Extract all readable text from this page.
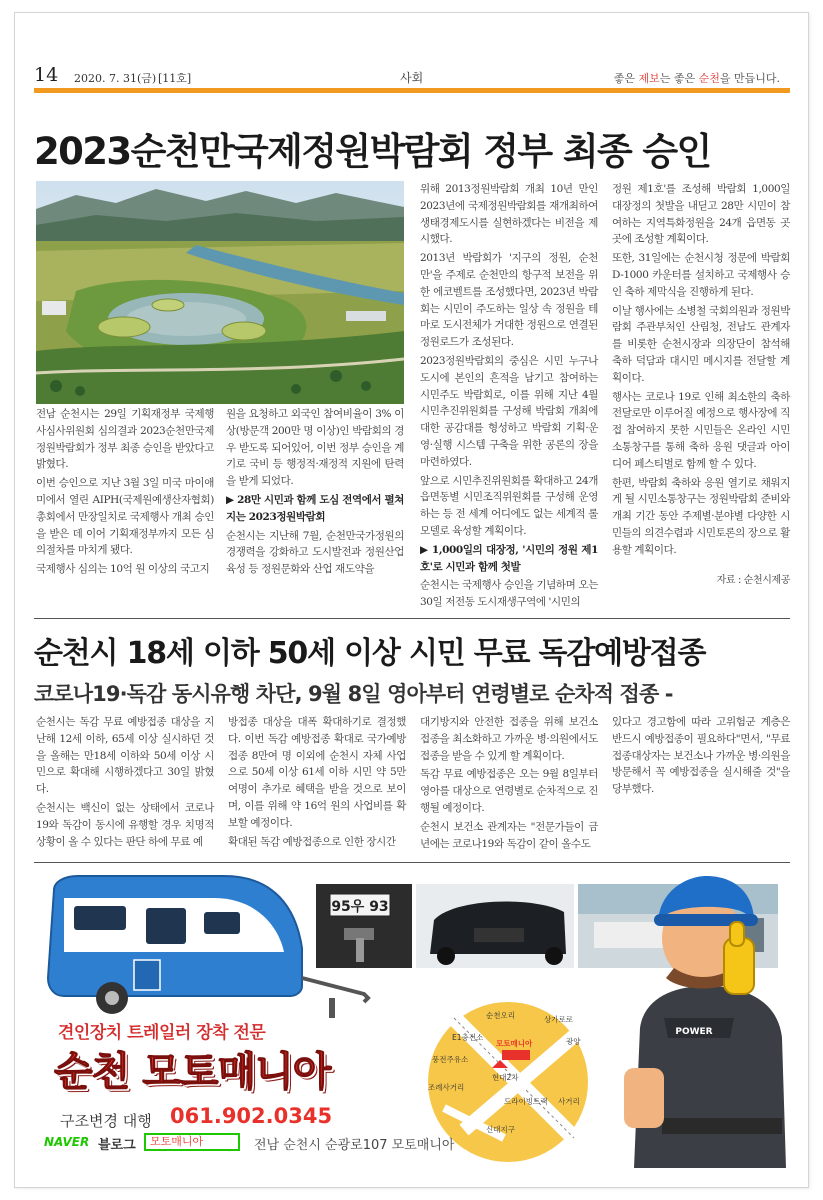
14 2020. 7. 31(금) [11호]	사회	좋은 제보는 좋은 순천을 만듭니다.
2023순천만국제정원박람회 정부 최종 승인

전남 순천시는 29일 기획재정부 국제행사심사위원회 심의결과 2023순천만국제정원박람회가 정부 최종 승인을 받았다고 밝혔다.

이번 승인으로 지난 3월 3일 미국 마이애미에서 열린 AIPH(국제원예생산자협회) 총회에서 만장일치로 국제행사 개최 승인을 받은 데 이어 기획재정부까지 모든 심의절차를 마치게 됐다.

국제행사 심의는 10억 원 이상의 국고지

원을 요청하고 외국인 참여비율이 3% 이상(방문객 200만 명 이상)인 박람회의 경우 받도록 되어있어, 이번 정부 승인을 계기로 국비 등 행정적·재정적 지원에 탄력을 받게 되었다.

▶ 28만 시민과 함께 도심 전역에서 펼쳐지는 2023정원박람회

순천시는 지난해 7월, 순천만국가정원의 경쟁력을 강화하고 도시발전과 정원산업 육성 등 정원문화와 산업 재도약을

위해 2013정원박람회 개최 10년 만인 2023년에 국제정원박람회를 재개최하여 생태경제도시를 실현하겠다는 비전을 제시했다.

2013년 박람회가 '지구의 정원, 순천만'을 주제로 순천만의 항구적 보전을 위한 에코벨트를 조성했다면, 2023년 박람회는 시민이 주도하는 일상 속 정원을 테마로 도시전체가 거대한 정원으로 연결된 정원로드가 조성된다.

2023정원박람회의 중심은 시민 누구나 도시에 본인의 흔적을 남기고 참여하는 시민주도 박람회로, 이를 위해 지난 4월 시민추진위원회를 구성해 박람회 개최에 대한 공감대를 형성하고 박람회 기획·운영·실행 시스템 구축을 위한 공론의 장을 마련하였다.

앞으로 시민추진위원회를 확대하고 24개 읍면동별 시민조직위원회를 구성해 운영하는 등 전 세계 어디에도 없는 세계적 롤모델로 육성할 계획이다.

▶ 1,000일의 대장정, '시민의 정원 제1호'로 시민과 함께 첫발

순천시는 국제행사 승인을 기념하며 오는 30일 저전동 도시재생구역에 '시민의

정원 제1호'를 조성해 박람회 1,000일 대장정의 첫발을 내딛고 28만 시민이 참여하는 지역특화정원을 24개 읍면동 곳곳에 조성할 계획이다.

또한, 31일에는 순천시청 정문에 박람회 D-1000 카운터를 설치하고 국제행사 승인 축하 제막식을 진행하게 된다.

이날 행사에는 소병철 국회의원과 정원박람회 주관부처인 산림청, 전남도 관계자를 비롯한 순천시장과 의장단이 참석해 축하 덕담과 대시민 메시지를 전달할 계획이다.

행사는 코로나 19로 인해 최소한의 축하 전달로만 이루어질 예정으로 행사장에 직접 참여하지 못한 시민들은 온라인 시민소통창구를 통해 축하 응원 댓글과 아이디어 페스티벌로 함께 할 수 있다.

한편, 박람회 축하와 응원 열기로 채워지게 될 시민소통창구는 정원박람회 준비와 개최 기간 동안 주제별·분야별 다양한 시민들의 의견수렴과 시민토론의 장으로 활용할 계획이다.

자료 : 순천시제공

순천시 18세 이하 50세 이상 시민 무료 독감예방접종
코로나19·독감 동시유행 차단, 9월 8일 영아부터 연령별로 순차적 접종 -

순천시는 독감 무료 예방접종 대상을 지난해 12세 이하, 65세 이상 실시하던 것을 올해는 만18세 이하와 50세 이상 시민으로 확대해 시행하겠다고 30일 밝혔다.

순천시는 백신이 없는 상태에서 코로나19와 독감이 동시에 유행할 경우 치명적 상황이 올 수 있다는 판단 하에 무료 예

방접종 대상을 대폭 확대하기로 결정했다. 이번 독감 예방접종 확대로 국가예방접종 8만여 명 이외에 순천시 자체 사업으로 50세 이상 61세 이하 시민 약 5만 여명이 추가로 혜택을 받을 것으로 보이며, 이를 위해 약 16억 원의 사업비를 확보할 예정이다.

확대된 독감 예방접종으로 인한 장시간

대기방지와 안전한 접종을 위해 보건소 접종을 최소화하고 가까운 병·의원에서도 접종을 받을 수 있게 할 계획이다.

독감 무료 예방접종은 오는 9월 8일부터 영아를 대상으로 연령별로 순차적으로 진행될 예정이다.

순천시 보건소 관계자는 "전문가들이 금년에는 코로나19와 독감이 같이 올수도

있다고 경고함에 따라 고위험군 계층은 반드시 예방접종이 필요하다"면서, "무료 접종대상자는 보건소나 가까운 병·의원을 방문해서 꼭 예방접종을 실시해줄 것"을 당부했다.

95우 93
POWER
견인장치 트레일러 장착 전문
순천 모토매니아
구조변경 대행 061.902.0345
NAVER 블로그	모토매니아	전남 순천시 순광로107 모토매니아
순천오리	상가로로
E1충전소
모토매니아	광양
풍전주유소
현대2차
조례사거리
드라이빙트랙
신대지구
사거리
